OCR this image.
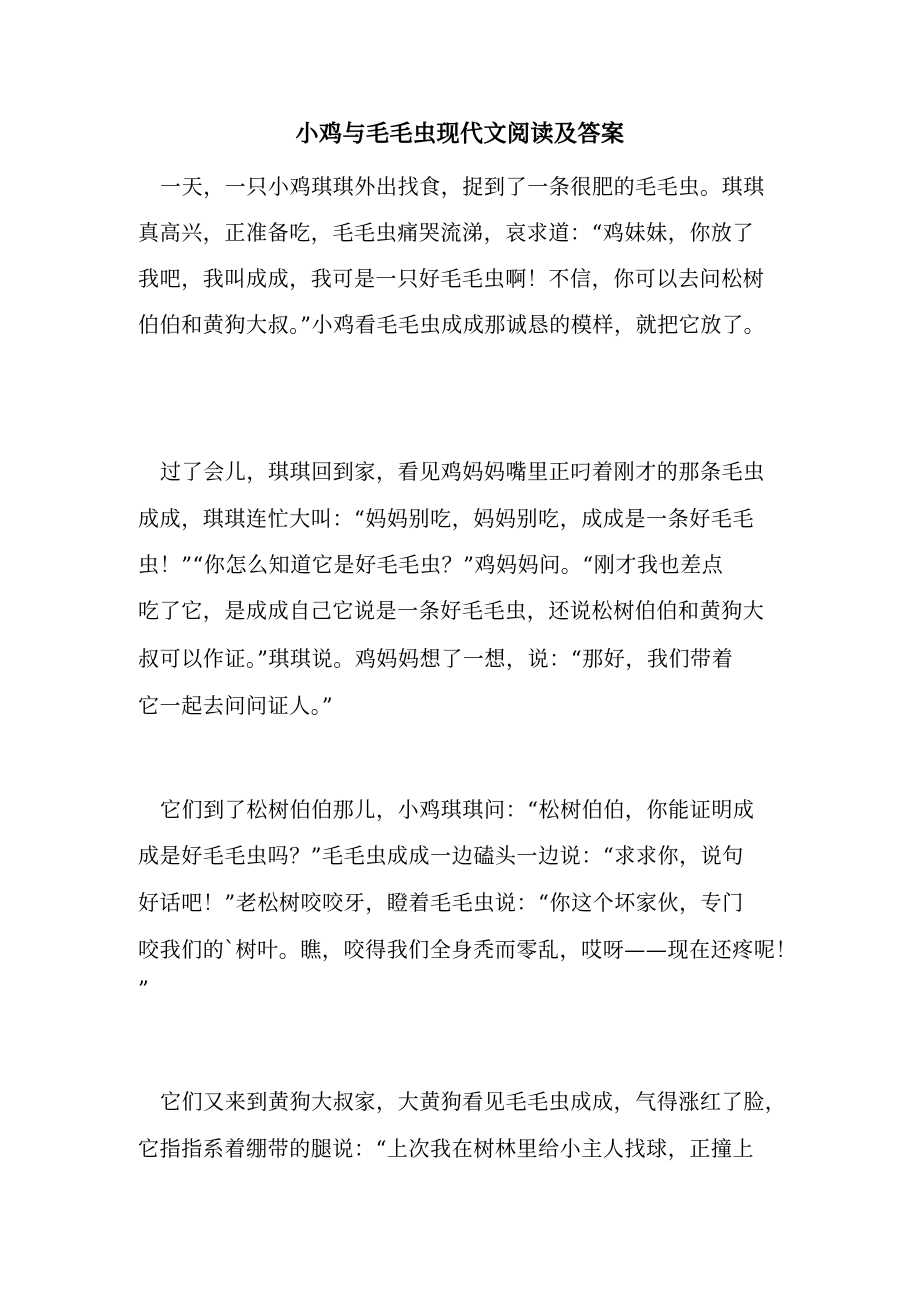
小鸡与毛毛虫现代文阅读及答案
一天，一只小鸡琪琪外出找食，捉到了一条很肥的毛毛虫。琪琪
真高兴，正准备吃，毛毛虫痛哭流涕，哀求道：“鸡妹妹，你放了
我吧，我叫成成，我可是一只好毛毛虫啊！不信，你可以去问松树
伯伯和黄狗大叔。”小鸡看毛毛虫成成那诚恳的模样，就把它放了。
过了会儿，琪琪回到家，看见鸡妈妈嘴里正叼着刚才的那条毛虫
成成，琪琪连忙大叫：“妈妈别吃，妈妈别吃，成成是一条好毛毛
虫！”“你怎么知道它是好毛毛虫？”鸡妈妈问。“刚才我也差点
吃了它，是成成自己它说是一条好毛毛虫，还说松树伯伯和黄狗大
叔可以作证。”琪琪说。鸡妈妈想了一想，说：“那好，我们带着
它一起去问问证人。”
它们到了松树伯伯那儿，小鸡琪琪问：“松树伯伯，你能证明成
成是好毛毛虫吗？”毛毛虫成成一边磕头一边说：“求求你，说句
好话吧！”老松树咬咬牙，瞪着毛毛虫说：“你这个坏家伙，专门
咬我们的`树叶。瞧，咬得我们全身秃而零乱，哎呀——现在还疼呢！
”
它们又来到黄狗大叔家，大黄狗看见毛毛虫成成，气得涨红了脸，
它指指系着绷带的腿说：“上次我在树林里给小主人找球，正撞上
